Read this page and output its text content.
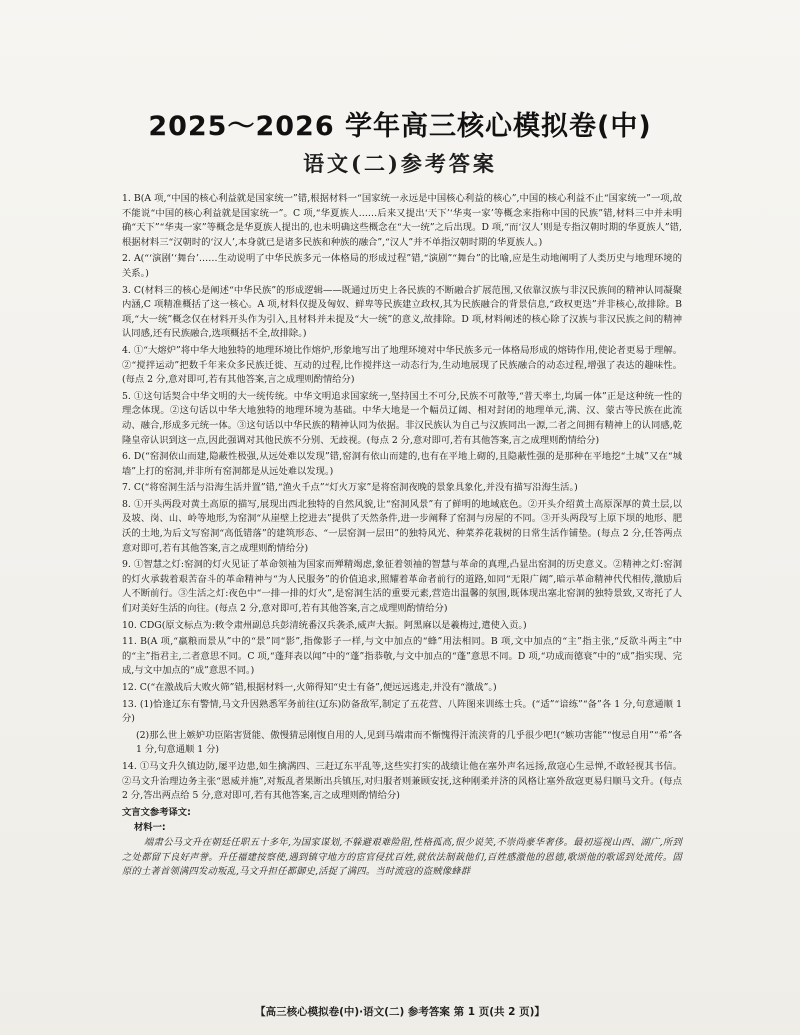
2025～2026 学年高三核心模拟卷(中)
语文(二)参考答案

1. B(A 项,“中国的核心利益就是国家统一”错,根据材料一“国家统一永远是中国核心利益的核心”,中国的核心利益不止“国家统一”一项,故不能说“中国的核心利益就是国家统一”。C 项,“华夏族人……后来又提出‘天下’‘华夷一家’等概念来指称中国的民族”错,材料三中并未明确“天下”“华夷一家”等概念是华夏族人提出的,也未明确这些概念在“大一统”之后出现。D 项,“而‘汉人’则是专指汉朝时期的华夏族人”错,根据材料三“汉朝时的‘汉人’,本身就已是诸多民族和种族的融合”,“汉人”并不单指汉朝时期的华夏族人。)

2. A(“‘演剧’‘舞台’……生动说明了中华民族多元一体格局的形成过程”错,“演剧”“舞台”的比喻,应是生动地阐明了人类历史与地理环境的关系。)

3. C(材料三的核心是阐述“中华民族”的形成逻辑——既通过历史上各民族的不断融合扩展范围,又依靠汉族与非汉民族间的精神认同凝聚内涵,C 项精准概括了这一核心。A 项,材料仅提及匈奴、鲜卑等民族建立政权,其为民族融合的背景信息,“政权更迭”并非核心,故排除。B 项,“大一统”概念仅在材料开头作为引入,且材料并未提及“大一统”的意义,故排除。D 项,材料阐述的核心除了汉族与非汉民族之间的精神认同感,还有民族融合,选项概括不全,故排除。)

4. ①“大熔炉”将中华大地独特的地理环境比作熔炉,形象地写出了地理环境对中华民族多元一体格局形成的熔铸作用,使论者更易于理解。②“搅拌运动”把数千年来众多民族迁徙、互动的过程,比作搅拌这一动态行为,生动地展现了民族融合的动态过程,增强了表达的趣味性。(每点 2 分,意对即可,若有其他答案,言之成理则酌情给分)

5. ①这句话契合中华文明的大一统传统。中华文明追求国家统一,坚持国土不可分,民族不可散等,“普天率土,均属一体”正是这种统一性的理念体现。②这句话以中华大地独特的地理环境为基础。中华大地是一个幅员辽阔、相对封闭的地理单元,满、汉、蒙古等民族在此流动、融合,形成多元统一体。③这句话以中华民族的精神认同为依据。非汉民族认为自己与汉族同出一源,二者之间拥有精神上的认同感,乾隆皇帝认识到这一点,因此强调对其他民族不分别、无歧视。(每点 2 分,意对即可,若有其他答案,言之成理则酌情给分)

6. D(“窑洞依山而建,隐蔽性极强,从远处难以发现”错,窑洞有依山而建的,也有在平地上砌的,且隐蔽性强的是那种在平地挖“土城”又在“城墙”上打的窑洞,并非所有窑洞都是从远处难以发现。)

7. C(“将窑洞生活与沿海生活并置”错,“渔火千点”“灯火万家”是将窑洞夜晚的景象具象化,并没有描写沿海生活。)

8. ①开头两段对黄土高原的描写,展现出西北独特的自然风貌,让“窑洞风景”有了鲜明的地域底色。②开头介绍黄土高原深厚的黄土层,以及坡、岗、山、岭等地形,为窑洞“从崖壁上挖进去”提供了天然条件,进一步阐释了窑洞与房屋的不同。③开头两段写上原下坝的地形、肥沃的土地,为后文写窑洞“高低错落”的建筑形态、“一层窑洞一层田”的独特风光、种菜养花栽树的日常生活作铺垫。(每点 2 分,任答两点意对即可,若有其他答案,言之成理则酌情给分)

9. ①智慧之灯:窑洞的灯火见证了革命领袖为国家而殚精竭虑,象征着领袖的智慧与革命的真理,凸显出窑洞的历史意义。②精神之灯:窑洞的灯火承载着艰苦奋斗的革命精神与“为人民服务”的价值追求,照耀着革命者前行的道路,如同“无限广阔”,暗示革命精神代代相传,激励后人不断前行。③生活之灯:夜色中“一排一排的灯火”,是窑洞生活的重要元素,营造出温馨的氛围,既体现出塞北窑洞的独特景致,又寄托了人们对美好生活的向往。(每点 2 分,意对即可,若有其他答案,言之成理则酌情给分)

10. CDG(原文标点为:敕令肃州副总兵彭清统番汉兵袭杀,威声大振。阿黑麻以是羲梅过,遣使入贡。)

11. B(A 项,“羸粮而景从”中的“景”同“影”,指像影子一样,与文中加点的“蜂”用法相同。B 项,文中加点的“主”指主张,“反欲斗两主”中的“主”指君主,二者意思不同。C 项,“蓬拜表以闻”中的“蓬”指恭敬,与文中加点的“蓬”意思不同。D 项,“功成而德衰”中的“成”指实现、完成,与文中加点的“成”意思不同。)

12. C(“在激战后大败火筛”错,根据材料一,火筛得知“史士有备”,便远远逃走,并没有“激战”。)

13. (1)恰逢辽东有警情,马文升因熟悉军务前往(辽东)防备敌军,制定了五花营、八阵图来训练士兵。(“适”“谙练”“备”各 1 分,句意通顺 1 分)

(2)那么世上嫉妒功臣陷害贤能、傲慢猜忌刚愎自用的人,见到马端肃而不惭愧得汗流浃背的几乎很少吧!(“嫉功害能”“愎忌自用”“希”各 1 分,句意通顺 1 分)

14. ①马文升久镇边防,屡平边患,如生擒满四、三赶辽东平乱等,这些实打实的战绩让他在塞外声名远扬,敌寇心生忌惮,不敢轻视其书信。②马文升治理边务主张“恩威并施”,对叛乱者果断出兵镇压,对归服者则兼顾安抚,这种刚柔并济的风格让塞外敌寇更易归顺马文升。(每点 2 分,答出两点给 5 分,意对即可,若有其他答案,言之成理则酌情给分)

文言文参考译文:

材料一:

端肃公马文升在朝廷任职五十多年,为国家谋划,不躲避艰难险阻,性格孤高,很少说笑,不崇尚豪华奢侈。最初巡视山西、湖广,所到之处都留下良好声誉。升任福建按察使,遇到镇守地方的宦官侵扰百姓,就依法制裁他们,百姓感激他的恩德,歌颂他的歌谣到处流传。固原的土著首领满四发动叛乱,马文升担任都御史,活捉了满四。当时流寇的盗贼像蜂群

【高三核心模拟卷(中)·语文(二) 参考答案 第 1 页(共 2 页)】
